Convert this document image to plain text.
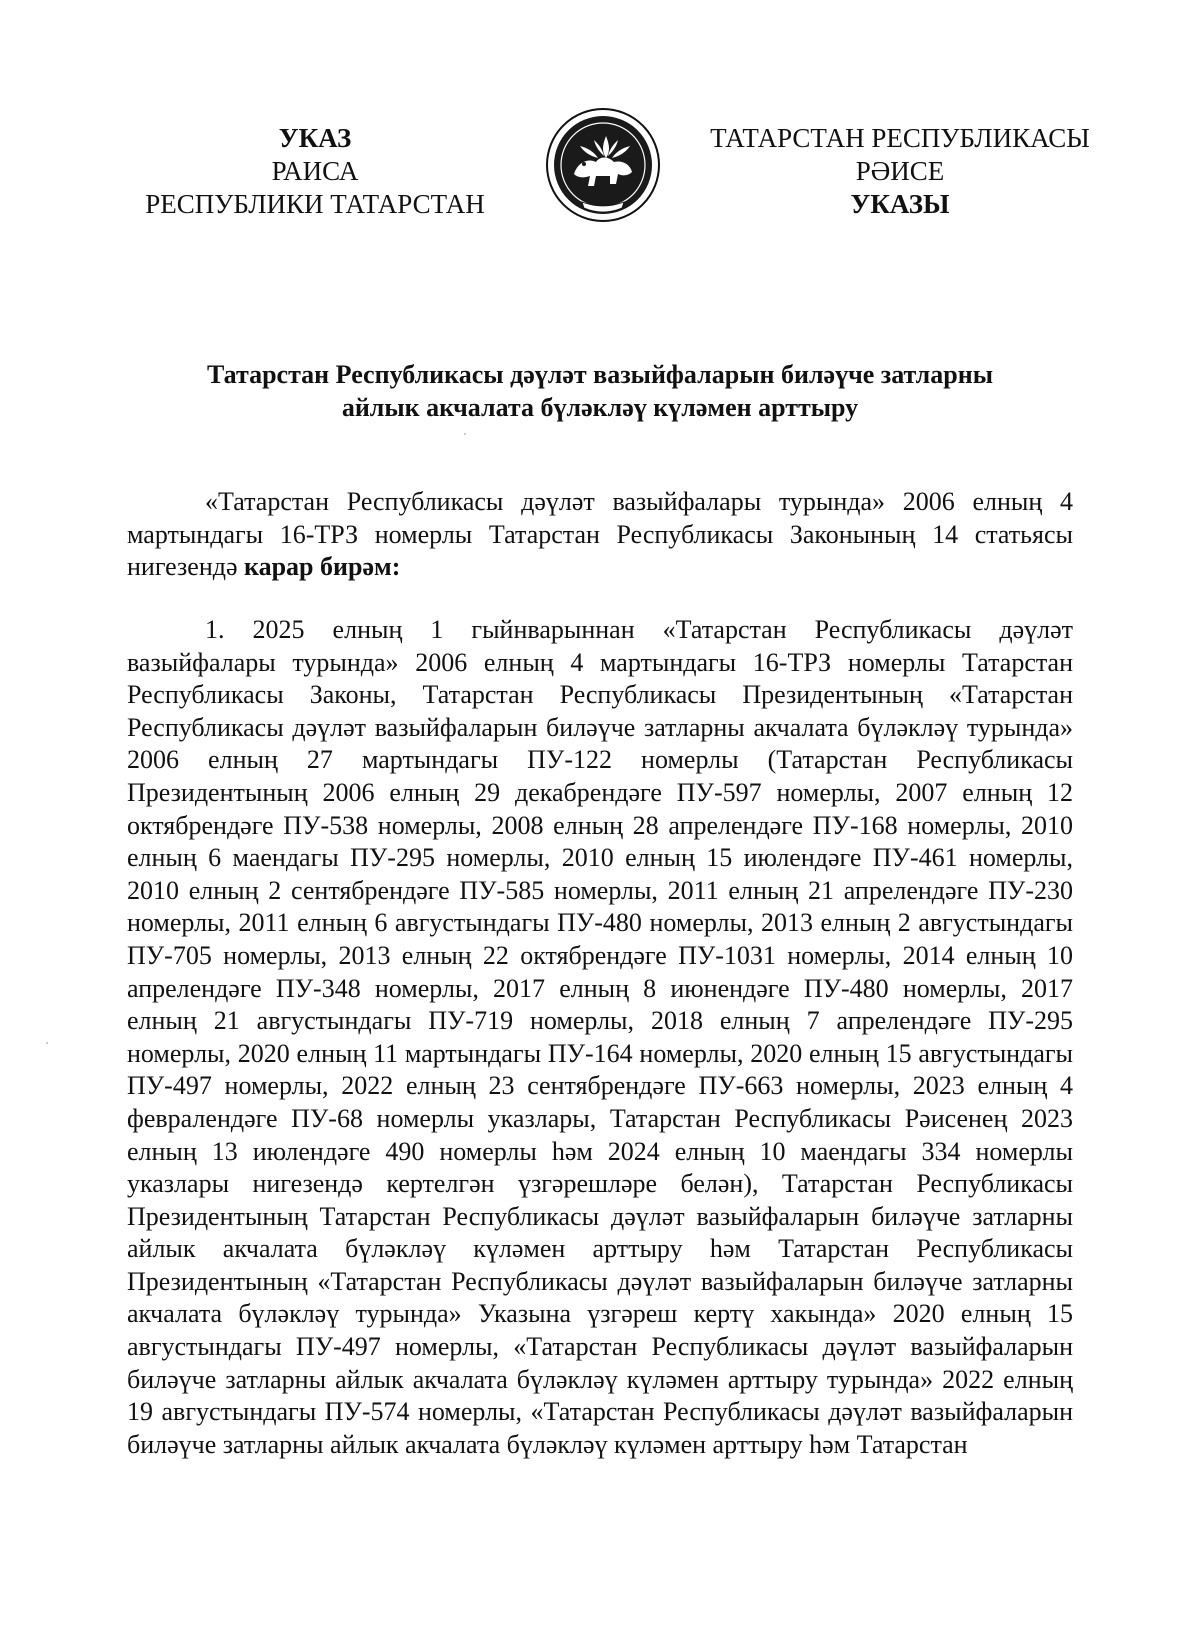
УКАЗ
РАИСА
РЕСПУБЛИКИ ТАТАРСТАН
ТАТАРСТАН РЕСПУБЛИКАСЫ
РӘИСЕ
УКАЗЫ
Татарстан Республикасы дәүләт вазыйфаларын биләүче затларны
айлык акчалата бүләкләү күләмен арттыру

«Татарстан Республикасы дәүләт вазыйфалары турында» 2006 елның 4 мартындагы 16-ТРЗ номерлы Татарстан Республикасы Законының 14 статьясы нигезендә карар бирәм:

1. 2025 елның 1 гыйнварыннан «Татарстан Республикасы дәүләт вазыйфалары турында» 2006 елның 4 мартындагы 16-ТРЗ номерлы Татарстан Республикасы Законы, Татарстан Республикасы Президентының «Татарстан Республикасы дәүләт вазыйфаларын биләүче затларны акчалата бүләкләү турында» 2006 елның 27 мартындагы ПУ-122 номерлы (Татарстан Республикасы Президентының 2006 елның 29 декабрендәге ПУ-597 номерлы, 2007 елның 12 октябрендәге ПУ-538 номерлы, 2008 елның 28 апрелендәге ПУ-168 номерлы, 2010 елның 6 маендагы ПУ-295 номерлы, 2010 елның 15 июлендәге ПУ-461 номерлы, 2010 елның 2 сентябрендәге ПУ-585 номерлы, 2011 елның 21 апрелендәге ПУ-230 номерлы, 2011 елның 6 августындагы ПУ-480 номерлы, 2013 елның 2 августындагы ПУ-705 номерлы, 2013 елның 22 октябрендәге ПУ-1031 номерлы, 2014 елның 10 апрелендәге ПУ-348 номерлы, 2017 елның 8 июнендәге ПУ-480 номерлы, 2017 елның 21 августындагы ПУ-719 номерлы, 2018 елның 7 апрелендәге ПУ-295 номерлы, 2020 елның 11 мартындагы ПУ-164 номерлы, 2020 елның 15 августындагы ПУ-497 номерлы, 2022 елның 23 сентябрендәге ПУ-663 номерлы, 2023 елның 4 февралендәге ПУ-68 номерлы указлары, Татарстан Республикасы Рәисенең 2023 елның 13 июлендәге 490 номерлы һәм 2024 елның 10 маендагы 334 номерлы указлары нигезендә кертелгән үзгәрешләре белән), Татарстан Республикасы Президентының Татарстан Республикасы дәүләт вазыйфаларын биләүче затларны айлык акчалата бүләкләү күләмен арттыру һәм Татарстан Республикасы Президентының «Татарстан Республикасы дәүләт вазыйфаларын биләүче затларны акчалата бүләкләү турында» Указына үзгәреш кертү хакында» 2020 елның 15 августындагы ПУ-497 номерлы, «Татарстан Республикасы дәүләт вазыйфаларын биләүче затларны айлык акчалата бүләкләү күләмен арттыру турында» 2022 елның 19 августындагы ПУ-574 номерлы, «Татарстан Республикасы дәүләт вазыйфаларын биләүче затларны айлык акчалата бүләкләү күләмен арттыру һәм Татарстан
